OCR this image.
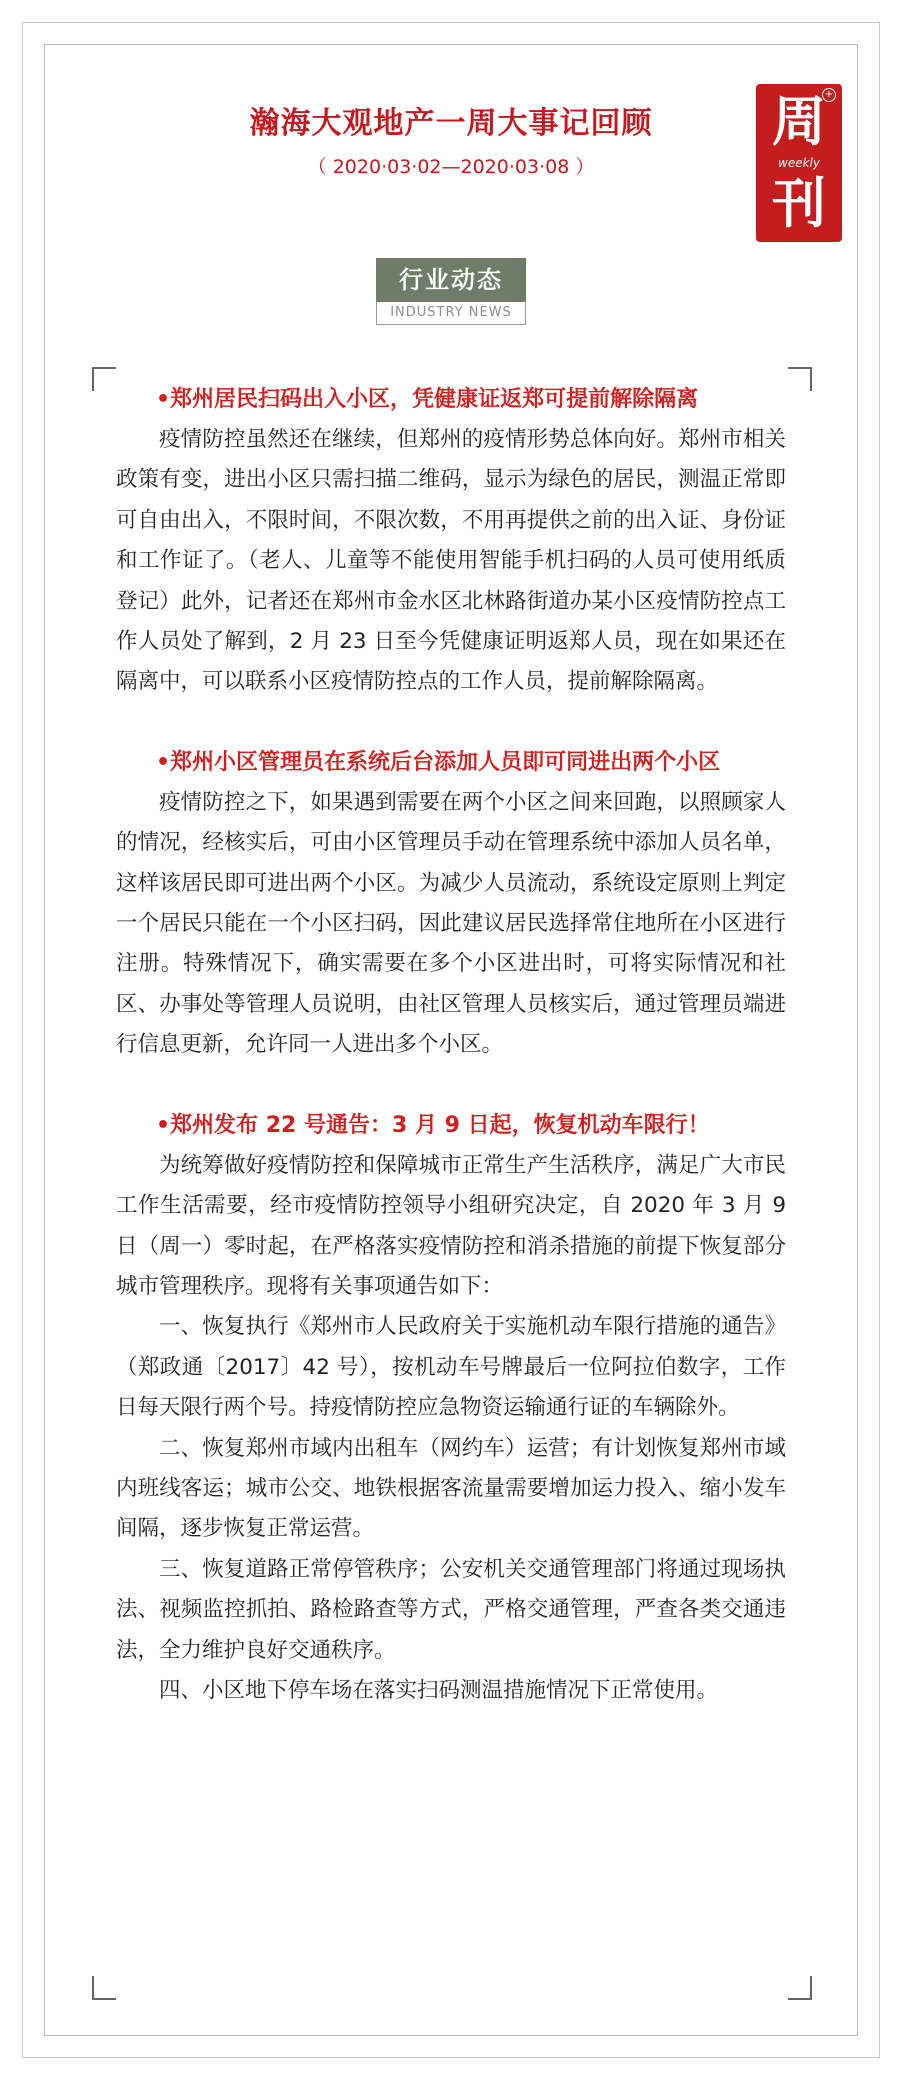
瀚海大观地产一周大事记回顾
（ 2020·03·02—2020·03·08 ）
+
周
weekly
刊
行业动态
INDUSTRY NEWS
•郑州居民扫码出入小区，凭健康证返郑可提前解除隔离

疫情防控虽然还在继续，但郑州的疫情形势总体向好。郑州市相关政策有变，进出小区只需扫描二维码，显示为绿色的居民，测温正常即可自由出入，不限时间，不限次数，不用再提供之前的出入证、身份证和工作证了。（老人、儿童等不能使用智能手机扫码的人员可使用纸质登记）此外，记者还在郑州市金水区北林路街道办某小区疫情防控点工作人员处了解到，2 月 23 日至今凭健康证明返郑人员，现在如果还在隔离中，可以联系小区疫情防控点的工作人员，提前解除隔离。

•郑州小区管理员在系统后台添加人员即可同进出两个小区

疫情防控之下，如果遇到需要在两个小区之间来回跑，以照顾家人的情况，经核实后，可由小区管理员手动在管理系统中添加人员名单，这样该居民即可进出两个小区。为减少人员流动，系统设定原则上判定一个居民只能在一个小区扫码，因此建议居民选择常住地所在小区进行注册。特殊情况下，确实需要在多个小区进出时，可将实际情况和社区、办事处等管理人员说明，由社区管理人员核实后，通过管理员端进行信息更新，允许同一人进出多个小区。

•郑州发布 22 号通告：3 月 9 日起，恢复机动车限行！

为统筹做好疫情防控和保障城市正常生产生活秩序，满足广大市民工作生活需要，经市疫情防控领导小组研究决定，自 2020 年 3 月 9 日（周一）零时起，在严格落实疫情防控和消杀措施的前提下恢复部分城市管理秩序。现将有关事项通告如下：

一、恢复执行《郑州市人民政府关于实施机动车限行措施的通告》（郑政通〔2017〕42 号），按机动车号牌最后一位阿拉伯数字，工作日每天限行两个号。持疫情防控应急物资运输通行证的车辆除外。

二、恢复郑州市域内出租车（网约车）运营；有计划恢复郑州市域内班线客运；城市公交、地铁根据客流量需要增加运力投入、缩小发车间隔，逐步恢复正常运营。

三、恢复道路正常停管秩序；公安机关交通管理部门将通过现场执法、视频监控抓拍、路检路查等方式，严格交通管理，严查各类交通违法，全力维护良好交通秩序。

四、小区地下停车场在落实扫码测温措施情况下正常使用。
